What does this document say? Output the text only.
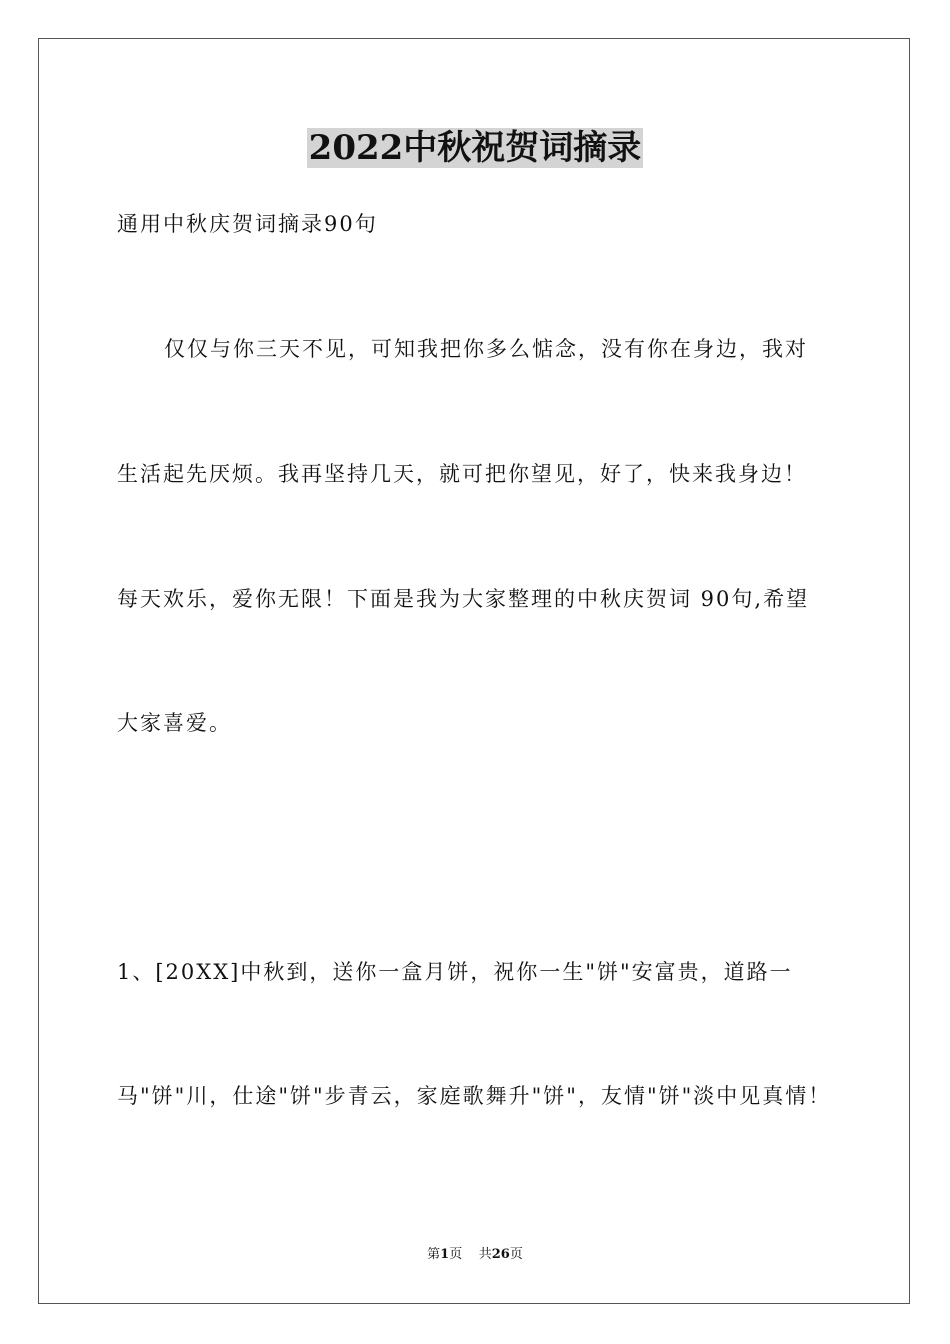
2022中秋祝贺词摘录

通用中秋庆贺词摘录90句

仅仅与你三天不见，可知我把你多么惦念，没有你在身边，我对

生活起先厌烦。我再坚持几天，就可把你望见，好了，快来我身边！

每天欢乐，爱你无限！下面是我为大家整理的中秋庆贺词 90句,希望

大家喜爱。

1、[20XX]中秋到，送你一盒月饼，祝你一生"饼"安富贵，道路一

马"饼"川，仕途"饼"步青云，家庭歌舞升"饼"，友情"饼"淡中见真情！

第1页 共26页
